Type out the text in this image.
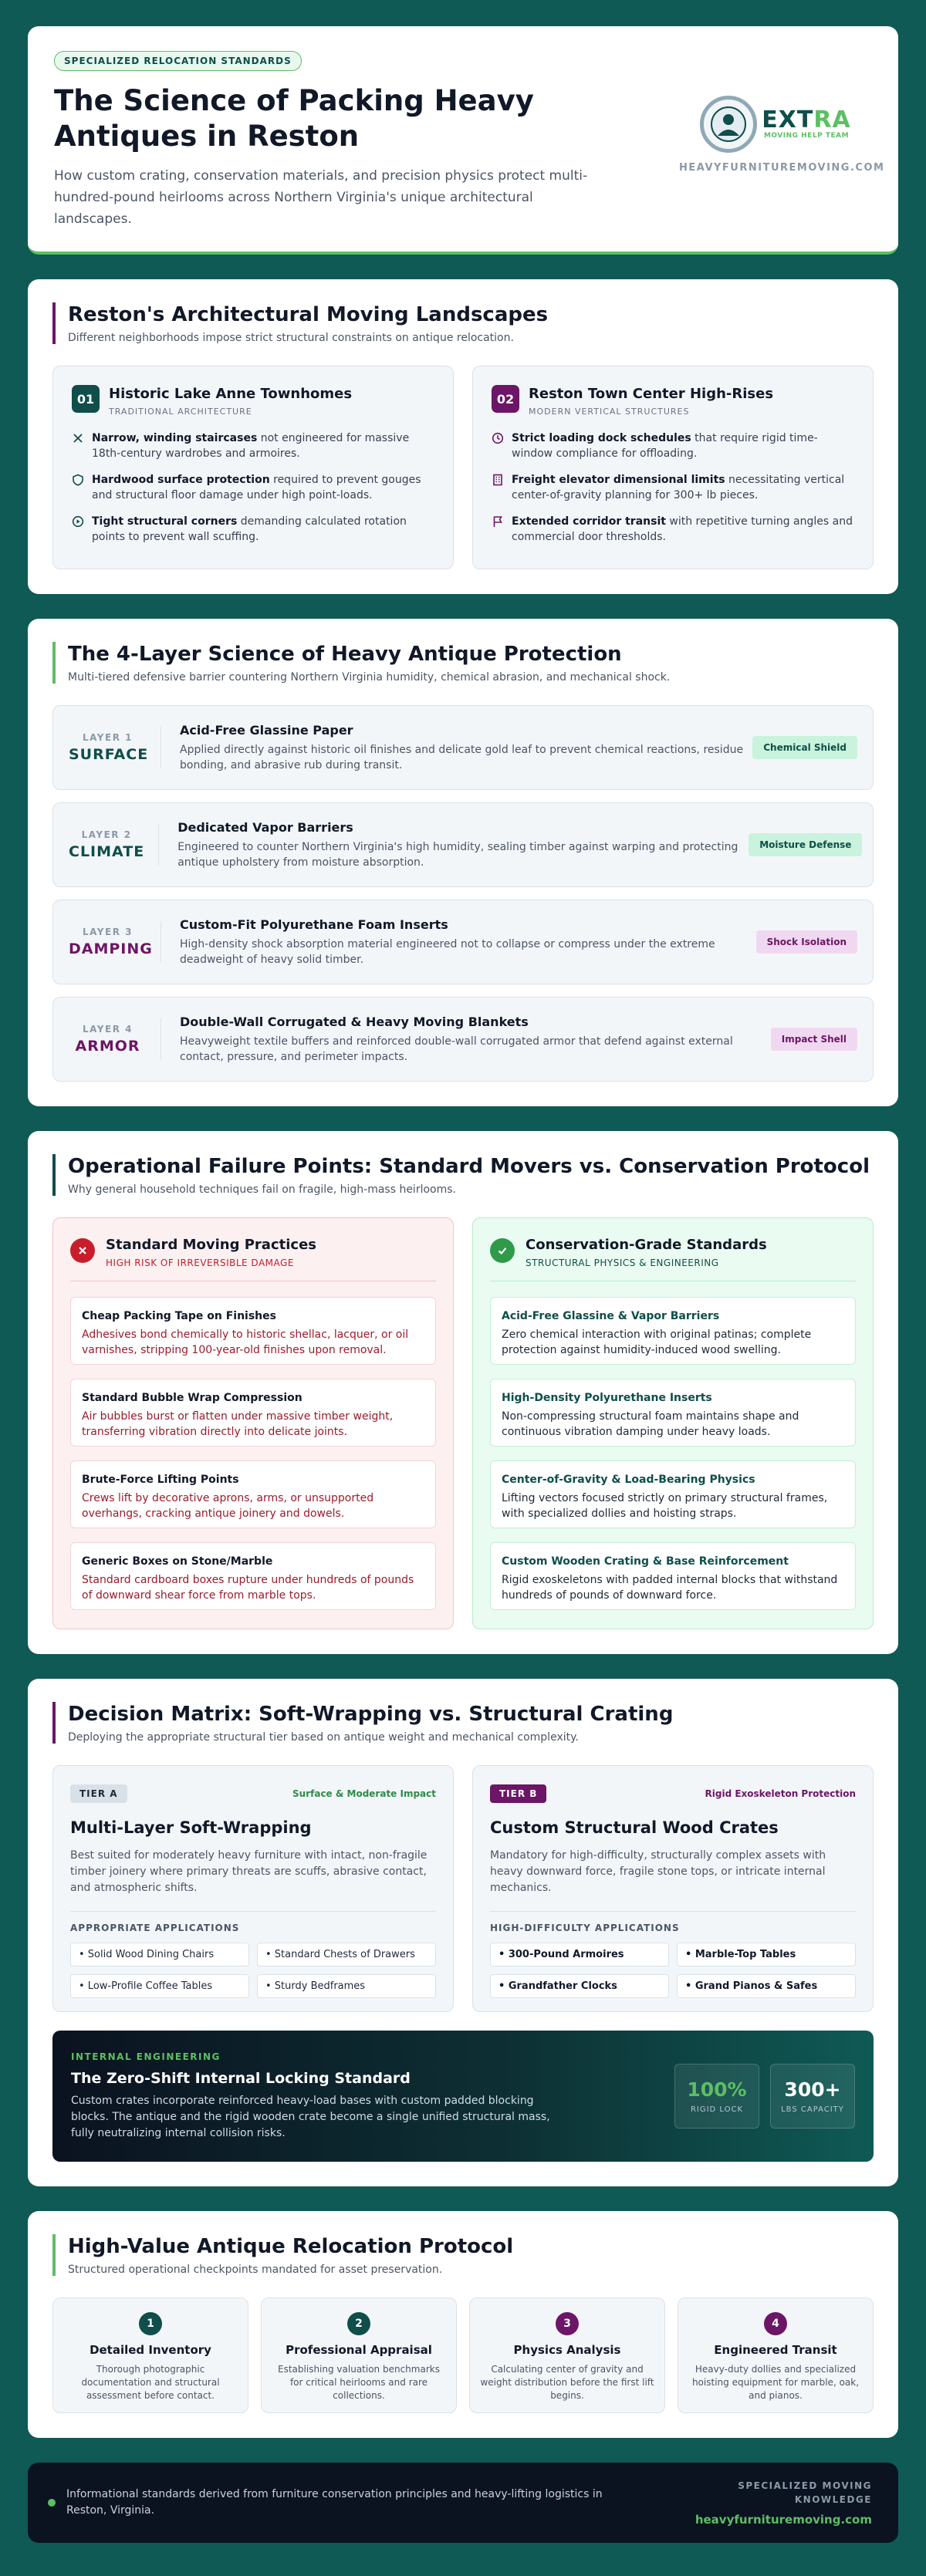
SPECIALIZED RELOCATION STANDARDS
The Science of Packing Heavy Antiques in Reston

How custom crating, conservation materials, and precision physics protect multi-hundred-pound heirlooms across Northern Virginia's unique architectural landscapes.

EXTRA
MOVING HELP TEAM
HEAVYFURNITUREMOVING.COM
Reston's Architectural Moving Landscapes

Different neighborhoods impose strict structural constraints on antique relocation.

01	Historic Lake Anne Townhomes
TRADITIONAL ARCHITECTURE
Narrow, winding staircases not engineered for massive 18th-century wardrobes and armoires.
Hardwood surface protection required to prevent gouges and structural floor damage under high point-loads.
Tight structural corners demanding calculated rotation points to prevent wall scuffing.
02	Reston Town Center High-Rises
MODERN VERTICAL STRUCTURES
Strict loading dock schedules that require rigid time-window compliance for offloading.
Freight elevator dimensional limits necessitating vertical center-of-gravity planning for 300+ lb pieces.
Extended corridor transit with repetitive turning angles and commercial door thresholds.
The 4-Layer Science of Heavy Antique Protection

Multi-tiered defensive barrier countering Northern Virginia humidity, chemical abrasion, and mechanical shock.

LAYER 1
SURFACE
Acid-Free Glassine Paper

Applied directly against historic oil finishes and delicate gold leaf to prevent chemical reactions, residue bonding, and abrasive rub during transit.

Chemical Shield
LAYER 2
CLIMATE
Dedicated Vapor Barriers

Engineered to counter Northern Virginia's high humidity, sealing timber against warping and protecting antique upholstery from moisture absorption.

Moisture Defense
LAYER 3
DAMPING
Custom-Fit Polyurethane Foam Inserts

High-density shock absorption material engineered not to collapse or compress under the extreme deadweight of heavy solid timber.

Shock Isolation
LAYER 4
ARMOR
Double-Wall Corrugated & Heavy Moving Blankets

Heavyweight textile buffers and reinforced double-wall corrugated armor that defend against external contact, pressure, and perimeter impacts.

Impact Shell
Operational Failure Points: Standard Movers vs. Conservation Protocol

Why general household techniques fail on fragile, high-mass heirlooms.

Standard Moving Practices
HIGH RISK OF IRREVERSIBLE DAMAGE
Cheap Packing Tape on Finishes

Adhesives bond chemically to historic shellac, lacquer, or oil varnishes, stripping 100-year-old finishes upon removal.

Standard Bubble Wrap Compression

Air bubbles burst or flatten under massive timber weight, transferring vibration directly into delicate joints.

Brute-Force Lifting Points

Crews lift by decorative aprons, arms, or unsupported overhangs, cracking antique joinery and dowels.

Generic Boxes on Stone/Marble

Standard cardboard boxes rupture under hundreds of pounds of downward shear force from marble tops.

Conservation-Grade Standards
STRUCTURAL PHYSICS & ENGINEERING
Acid-Free Glassine & Vapor Barriers

Zero chemical interaction with original patinas; complete protection against humidity-induced wood swelling.

High-Density Polyurethane Inserts

Non-compressing structural foam maintains shape and continuous vibration damping under heavy loads.

Center-of-Gravity & Load-Bearing Physics

Lifting vectors focused strictly on primary structural frames, with specialized dollies and hoisting straps.

Custom Wooden Crating & Base Reinforcement

Rigid exoskeletons with padded internal blocks that withstand hundreds of pounds of downward force.

Decision Matrix: Soft-Wrapping vs. Structural Crating

Deploying the appropriate structural tier based on antique weight and mechanical complexity.

TIER A	Surface & Moderate Impact
Multi-Layer Soft-Wrapping

Best suited for moderately heavy furniture with intact, non-fragile timber joinery where primary threats are scuffs, abrasive contact, and atmospheric shifts.

APPROPRIATE APPLICATIONS
• Solid Wood Dining Chairs	• Standard Chests of Drawers
• Low-Profile Coffee Tables	• Sturdy Bedframes
TIER B	Rigid Exoskeleton Protection
Custom Structural Wood Crates

Mandatory for high-difficulty, structurally complex assets with heavy downward force, fragile stone tops, or intricate internal mechanics.

HIGH-DIFFICULTY APPLICATIONS
• 300-Pound Armoires	• Marble-Top Tables
• Grandfather Clocks	• Grand Pianos & Safes
INTERNAL ENGINEERING
The Zero-Shift Internal Locking Standard

Custom crates incorporate reinforced heavy-load bases with custom padded blocking blocks. The antique and the rigid wooden crate become a single unified structural mass, fully neutralizing internal collision risks.

100%
RIGID LOCK
300+
LBS CAPACITY
High-Value Antique Relocation Protocol

Structured operational checkpoints mandated for asset preservation.

1
Detailed Inventory

Thorough photographic documentation and structural assessment before contact.

2
Professional Appraisal

Establishing valuation benchmarks for critical heirlooms and rare collections.

3
Physics Analysis

Calculating center of gravity and weight distribution before the first lift begins.

4
Engineered Transit

Heavy-duty dollies and specialized hoisting equipment for marble, oak, and pianos.

Informational standards derived from furniture conservation principles and heavy-lifting logistics in Reston, Virginia.

SPECIALIZED MOVING KNOWLEDGE
heavyfurnituremoving.com
